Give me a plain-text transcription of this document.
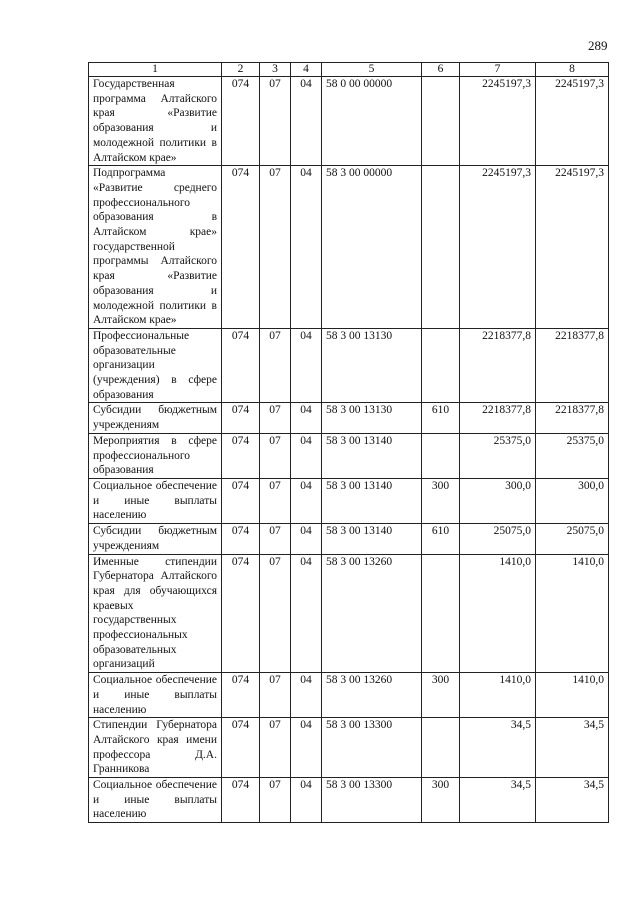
289
1	2	3	4	5	6	7	8
Государственная программа Алтайского края «Развитие образования и молодежной политики в Алтайском крае»	074	07	04	58 0 00 00000		2245197,3	2245197,3
Подпрограмма «Развитие среднего профессионального образования в Алтайском крае» государственной программы Алтайского края «Развитие образования и молодежной политики в Алтайском крае»	074	07	04	58 3 00 00000		2245197,3	2245197,3
Профессиональные образовательные организации (учреждения) в сфере образования	074	07	04	58 3 00 13130		2218377,8	2218377,8
Субсидии бюджетным учреждениям	074	07	04	58 3 00 13130	610	2218377,8	2218377,8
Мероприятия в сфере профессионального образования	074	07	04	58 3 00 13140		25375,0	25375,0
Социальное обеспечение и иные выплаты населению	074	07	04	58 3 00 13140	300	300,0	300,0
Субсидии бюджетным учреждениям	074	07	04	58 3 00 13140	610	25075,0	25075,0
Именные стипендии Губернатора Алтайского края для обучающихся краевых государственных профессиональных образовательных организаций	074	07	04	58 3 00 13260		1410,0	1410,0
Социальное обеспечение и иные выплаты населению	074	07	04	58 3 00 13260	300	1410,0	1410,0
Стипендии Губернатора Алтайского края имени профессора Д.А. Гранникова	074	07	04	58 3 00 13300		34,5	34,5
Социальное обеспечение и иные выплаты населению	074	07	04	58 3 00 13300	300	34,5	34,5
